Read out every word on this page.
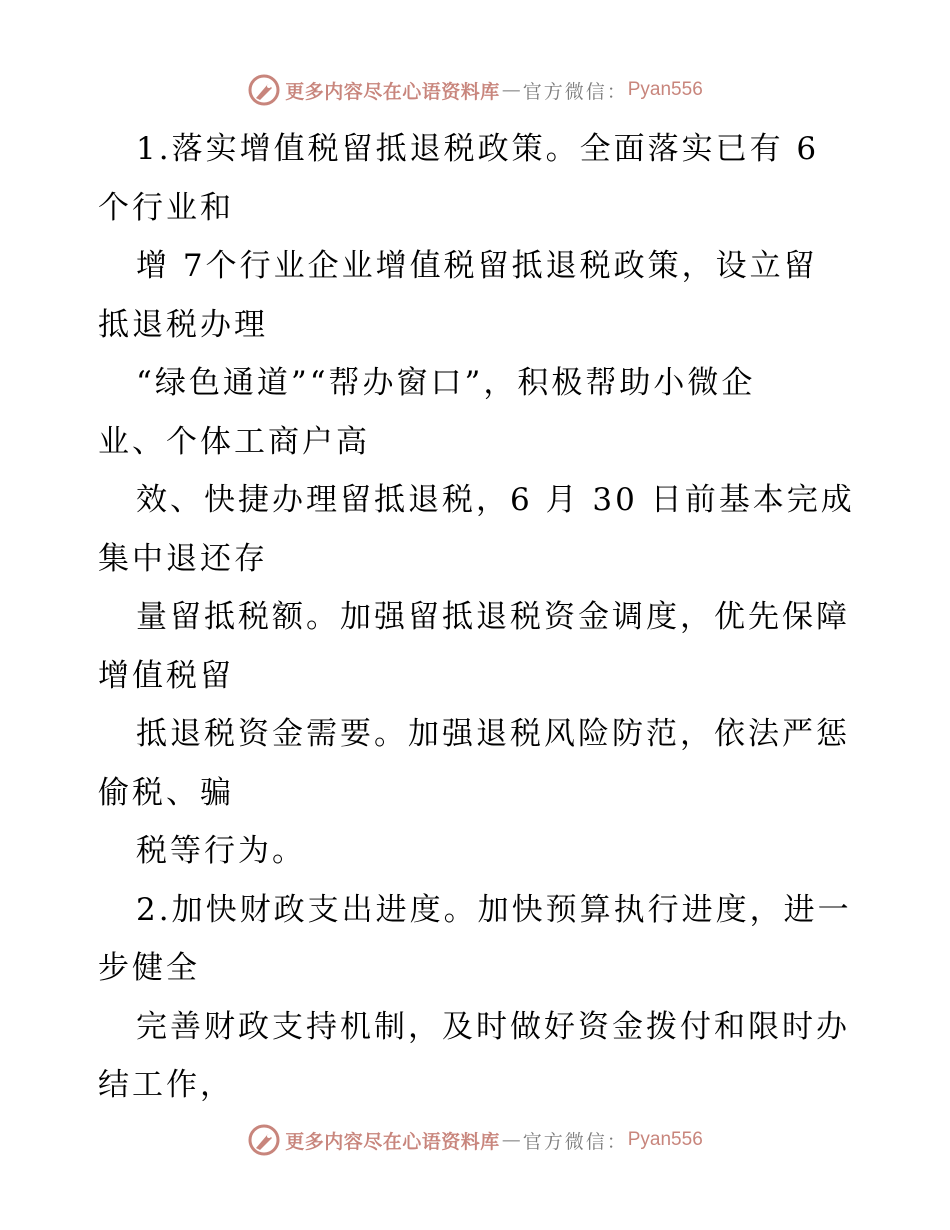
更多内容尽在心语资料库 — 官方微信： Pyan556
1.落实增值税留抵退税政策。全面落实已有 6
个行业和
增 7个行业企业增值税留抵退税政策，设立留
抵退税办理
“绿色通道”“帮办窗口”，积极帮助小微企
业、个体工商户高
效、快捷办理留抵退税，6 月 30 日前基本完成
集中退还存
量留抵税额。加强留抵退税资金调度，优先保障
增值税留
抵退税资金需要。加强退税风险防范，依法严惩
偷税、骗
税等行为。
2.加快财政支出进度。加快预算执行进度，进一
步健全
完善财政支持机制，及时做好资金拨付和限时办
结工作，
更多内容尽在心语资料库 — 官方微信： Pyan556
